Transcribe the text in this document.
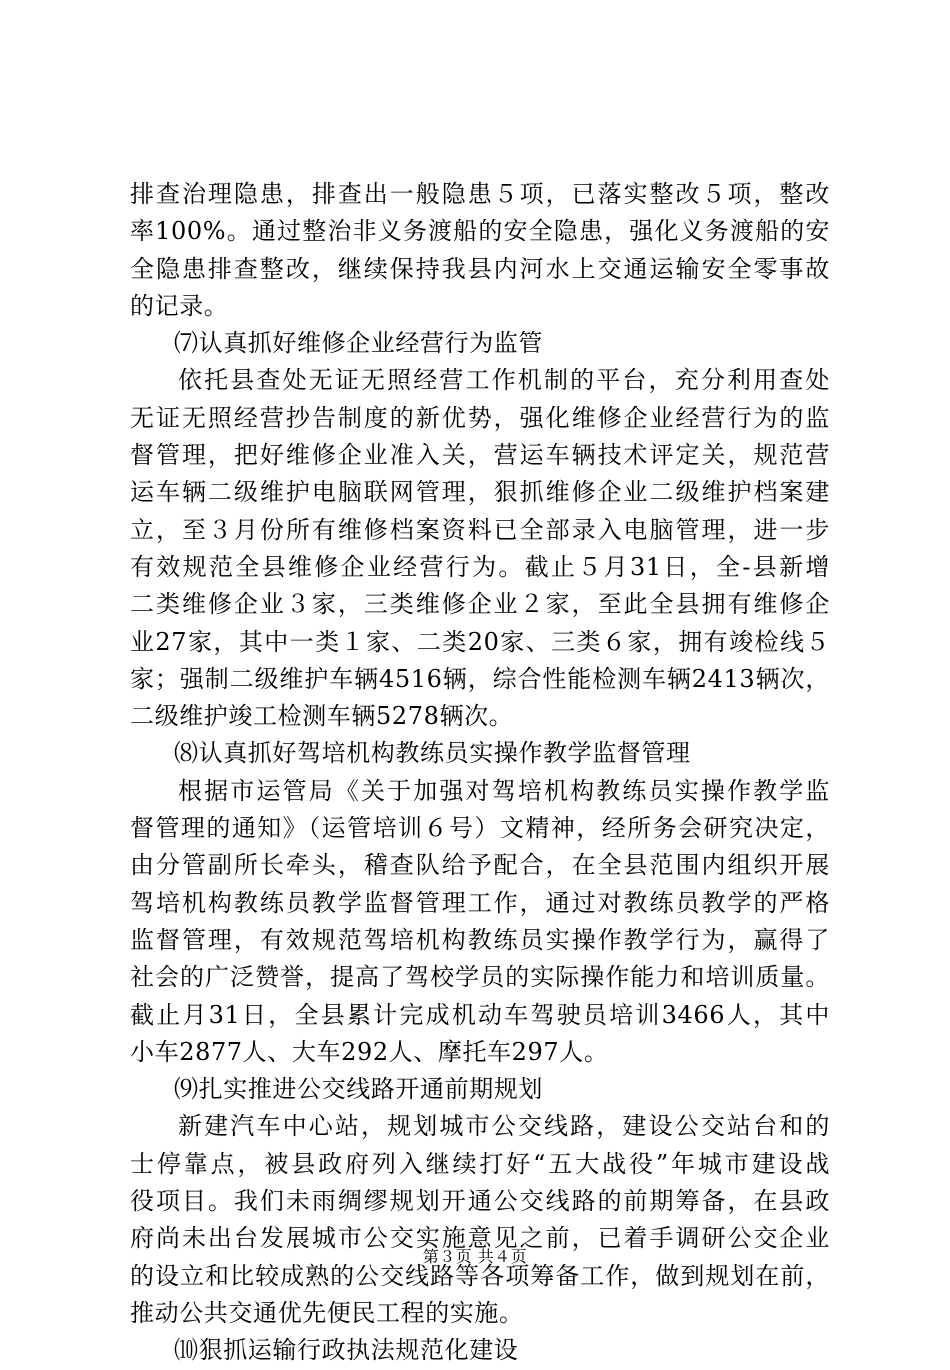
排查治理隐患，排查出一般隐患５项，已落实整改５项，整改
率100%。通过整治非义务渡船的安全隐患，强化义务渡船的安
全隐患排查整改，继续保持我县内河水上交通运输安全零事故
的记录。
⑺认真抓好维修企业经营行为监管
依托县查处无证无照经营工作机制的平台，充分利用查处
无证无照经营抄告制度的新优势，强化维修企业经营行为的监
督管理，把好维修企业准入关，营运车辆技术评定关，规范营
运车辆二级维护电脑联网管理，狠抓维修企业二级维护档案建
立，至３月份所有维修档案资料已全部录入电脑管理，进一步
有效规范全县维修企业经营行为。截止５月31日，全-县新增
二类维修企业３家，三类维修企业２家，至此全县拥有维修企
业27家，其中一类１家、二类20家、三类６家，拥有竣检线５
家；强制二级维护车辆4516辆，综合性能检测车辆2413辆次，
二级维护竣工检测车辆5278辆次。
⑻认真抓好驾培机构教练员实操作教学监督管理
根据市运管局《关于加强对驾培机构教练员实操作教学监
督管理的通知》（运管培训６号）文精神，经所务会研究决定，
由分管副所长牵头，稽查队给予配合，在全县范围内组织开展
驾培机构教练员教学监督管理工作，通过对教练员教学的严格
监督管理，有效规范驾培机构教练员实操作教学行为，赢得了
社会的广泛赞誉，提高了驾校学员的实际操作能力和培训质量。
截止月31日，全县累计完成机动车驾驶员培训3466人，其中
小车2877人、大车292人、摩托车297人。
⑼扎实推进公交线路开通前期规划
新建汽车中心站，规划城市公交线路，建设公交站台和的
士停靠点，被县政府列入继续打好“五大战役”年城市建设战
役项目。我们未雨绸缪规划开通公交线路的前期筹备，在县政
府尚未出台发展城市公交实施意见之前，已着手调研公交企业
的设立和比较成熟的公交线路等各项筹备工作，做到规划在前，
推动公共交通优先便民工程的实施。
⑽狠抓运输行政执法规范化建设
第３页 共４页
